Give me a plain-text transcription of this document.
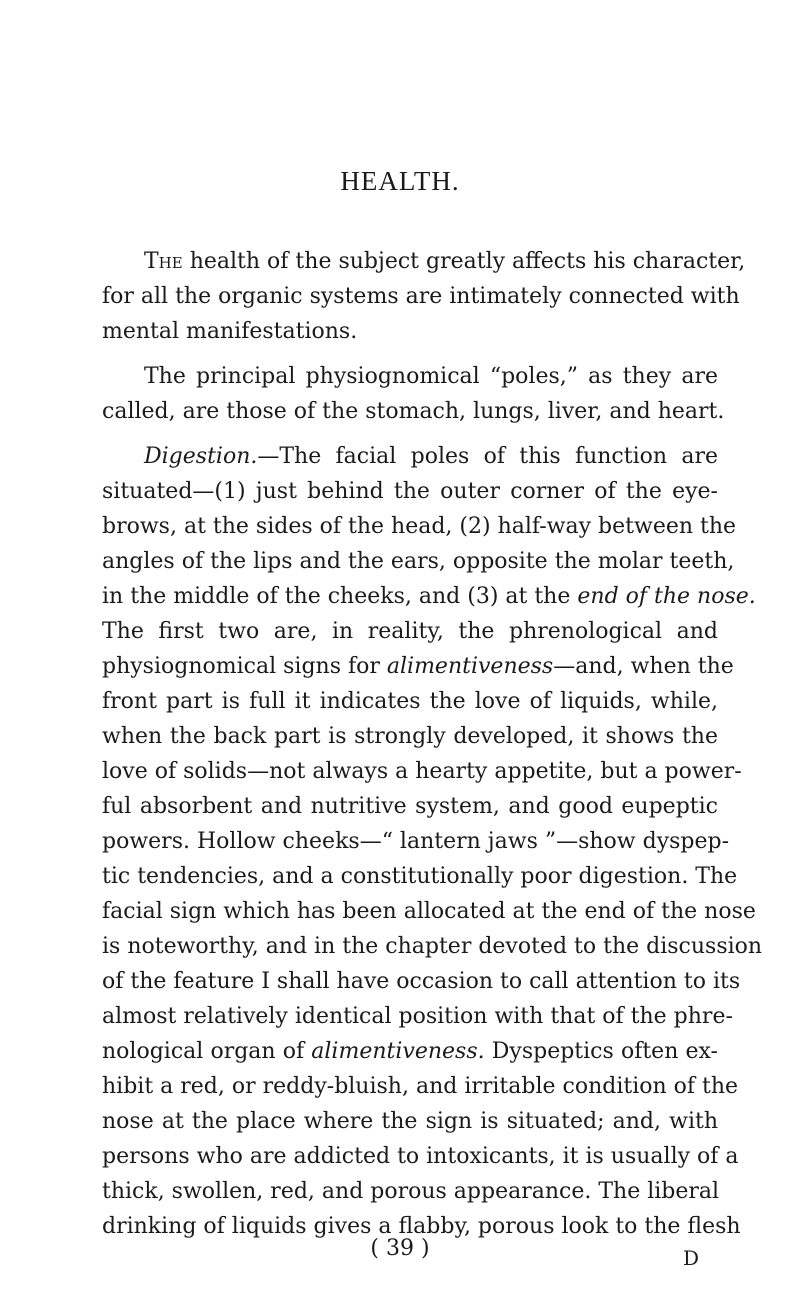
HEALTH.
The health of the subject greatly affects his character,
for all the organic systems are intimately connected with
mental manifestations.
The principal physiognomical “poles,” as they are
called, are those of the stomach, lungs, liver, and heart.
Digestion.—The facial poles of this function are
situated—(1) just behind the outer corner of the eye-
brows, at the sides of the head, (2) half-way between the
angles of the lips and the ears, opposite the molar teeth,
in the middle of the cheeks, and (3) at the end of the nose.
The first two are, in reality, the phrenological and
physiognomical signs for alimentiveness—and, when the
front part is full it indicates the love of liquids, while,
when the back part is strongly developed, it shows the
love of solids—not always a hearty appetite, but a power-
ful absorbent and nutritive system, and good eupeptic
powers. Hollow cheeks—“ lantern jaws ”—show dyspep-
tic tendencies, and a constitutionally poor digestion. The
facial sign which has been allocated at the end of the nose
is noteworthy, and in the chapter devoted to the discussion
of the feature I shall have occasion to call attention to its
almost relatively identical position with that of the phre-
nological organ of alimentiveness. Dyspeptics often ex-
hibit a red, or reddy-bluish, and irritable condition of the
nose at the place where the sign is situated; and, with
persons who are addicted to intoxicants, it is usually of a
thick, swollen, red, and porous appearance. The liberal
drinking of liquids gives a flabby, porous look to the flesh
( 39 )	D
